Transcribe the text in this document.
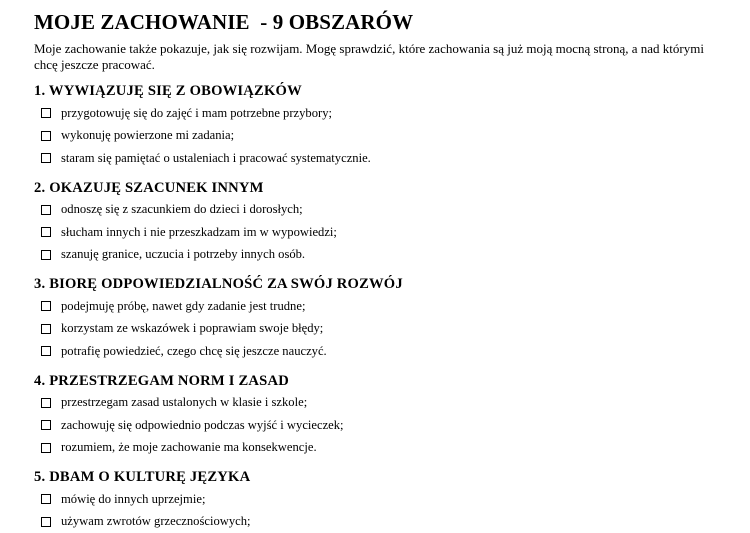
MOJE ZACHOWANIE  - 9 OBSZARÓW

Moje zachowanie także pokazuje, jak się rozwijam. Mogę sprawdzić, które zachowania są już moją mocną stroną, a nad którymi chcę jeszcze pracować.

1. WYWIĄZUJĘ SIĘ Z OBOWIĄZKÓW
przygotowuję się do zajęć i mam potrzebne przybory;
wykonuję powierzone mi zadania;
staram się pamiętać o ustaleniach i pracować systematycznie.
2. OKAZUJĘ SZACUNEK INNYM
odnoszę się z szacunkiem do dzieci i dorosłych;
słucham innych i nie przeszkadzam im w wypowiedzi;
szanuję granice, uczucia i potrzeby innych osób.
3. BIORĘ ODPOWIEDZIALNOŚĆ ZA SWÓJ ROZWÓJ
podejmuję próbę, nawet gdy zadanie jest trudne;
korzystam ze wskazówek i poprawiam swoje błędy;
potrafię powiedzieć, czego chcę się jeszcze nauczyć.
4. PRZESTRZEGAM NORM I ZASAD
przestrzegam zasad ustalonych w klasie i szkole;
zachowuję się odpowiednio podczas wyjść i wycieczek;
rozumiem, że moje zachowanie ma konsekwencje.
5. DBAM O KULTURĘ JĘZYKA
mówię do innych uprzejmie;
używam zwrotów grzecznościowych;
